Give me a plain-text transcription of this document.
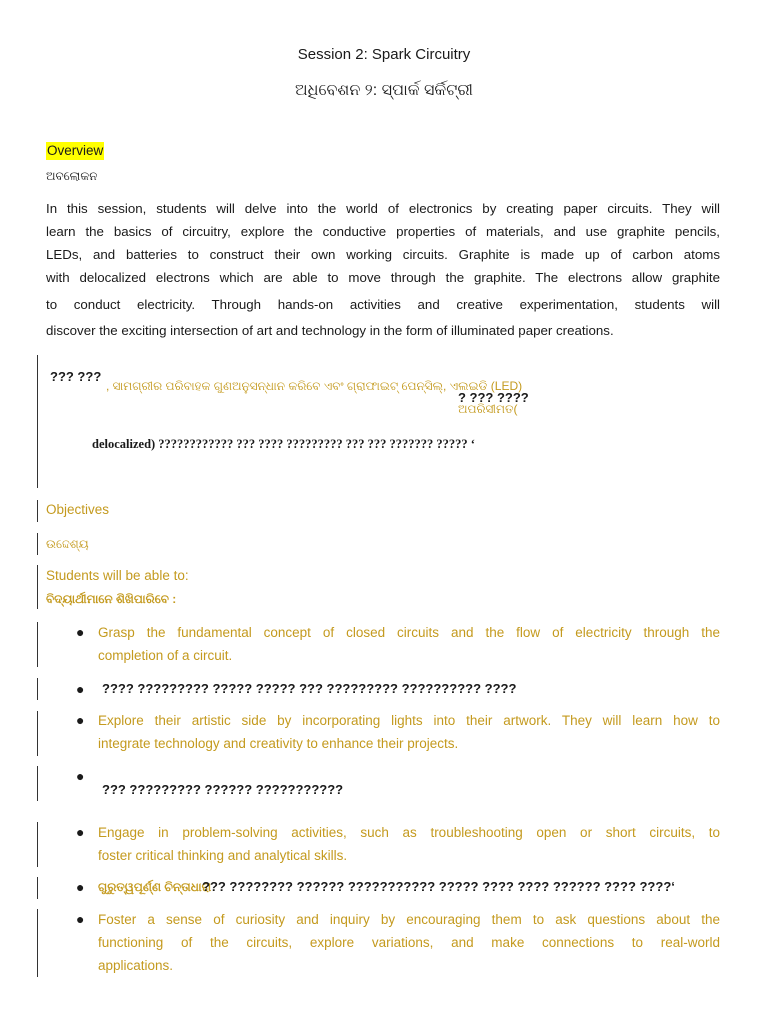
Session 2: Spark Circuitry
ଅଧିବେଶନ ୨: ସ୍ପାର୍କ ସର୍କିଟ୍ରୀ
Overview
ଅବଲୋକନ
In this session, students will delve into the world of electronics by creating paper circuits. They will
learn the basics of circuitry, explore the conductive properties of materials, and use graphite pencils,
LEDs, and batteries to construct their own working circuits. Graphite is made up of carbon atoms
with delocalized electrons which are able to move through the graphite. The electrons allow graphite
to conduct electricity. Through hands-on activities and creative experimentation, students will
discover the exciting intersection of art and technology in the form of illuminated paper creations.
??? ???
, ସାମଗ୍ରୀର ପରିବାହକ ଗୁଣଅନୁସନ୍ଧାନ କରିବେ ଏବଂ ଗ୍ରାଫାଇଟ୍ ପେନ୍ସିଲ୍, ଏଲଇଡି (LED)
? ??? ????
ଅପରିସୀମତ(
delocalized) ???????????? ??? ???? ????????? ??? ??? ??????? ????? ‘
Objectives
ଉଦ୍ଦେଶ୍ୟ
Students will be able to:
ବିଦ୍ୟାର୍ଥୀମାନେ ଶିଖିପାରିବେ :
● Grasp the fundamental concept of closed circuits and the flow of electricity through the
completion of a circuit.
● ???? ????????? ????? ????? ??? ????????? ?????????? ????
● Explore their artistic side by incorporating lights into their artwork. They will learn how to
integrate technology and creativity to enhance their projects.
●
??? ????????? ?????? ???????????
● Engage in problem-solving activities, such as troubleshooting open or short circuits, to
foster critical thinking and analytical skills.
● ଗୁରୁତ୍ୱପୂର୍ଣ୍ଣ ଚିନ୍ତାଧାରା
??? ???????? ?????? ??????????? ????? ???? ???? ?????? ???? ????‘
● Foster a sense of curiosity and inquiry by encouraging them to ask questions about the
functioning of the circuits, explore variations, and make connections to real-world
applications.
